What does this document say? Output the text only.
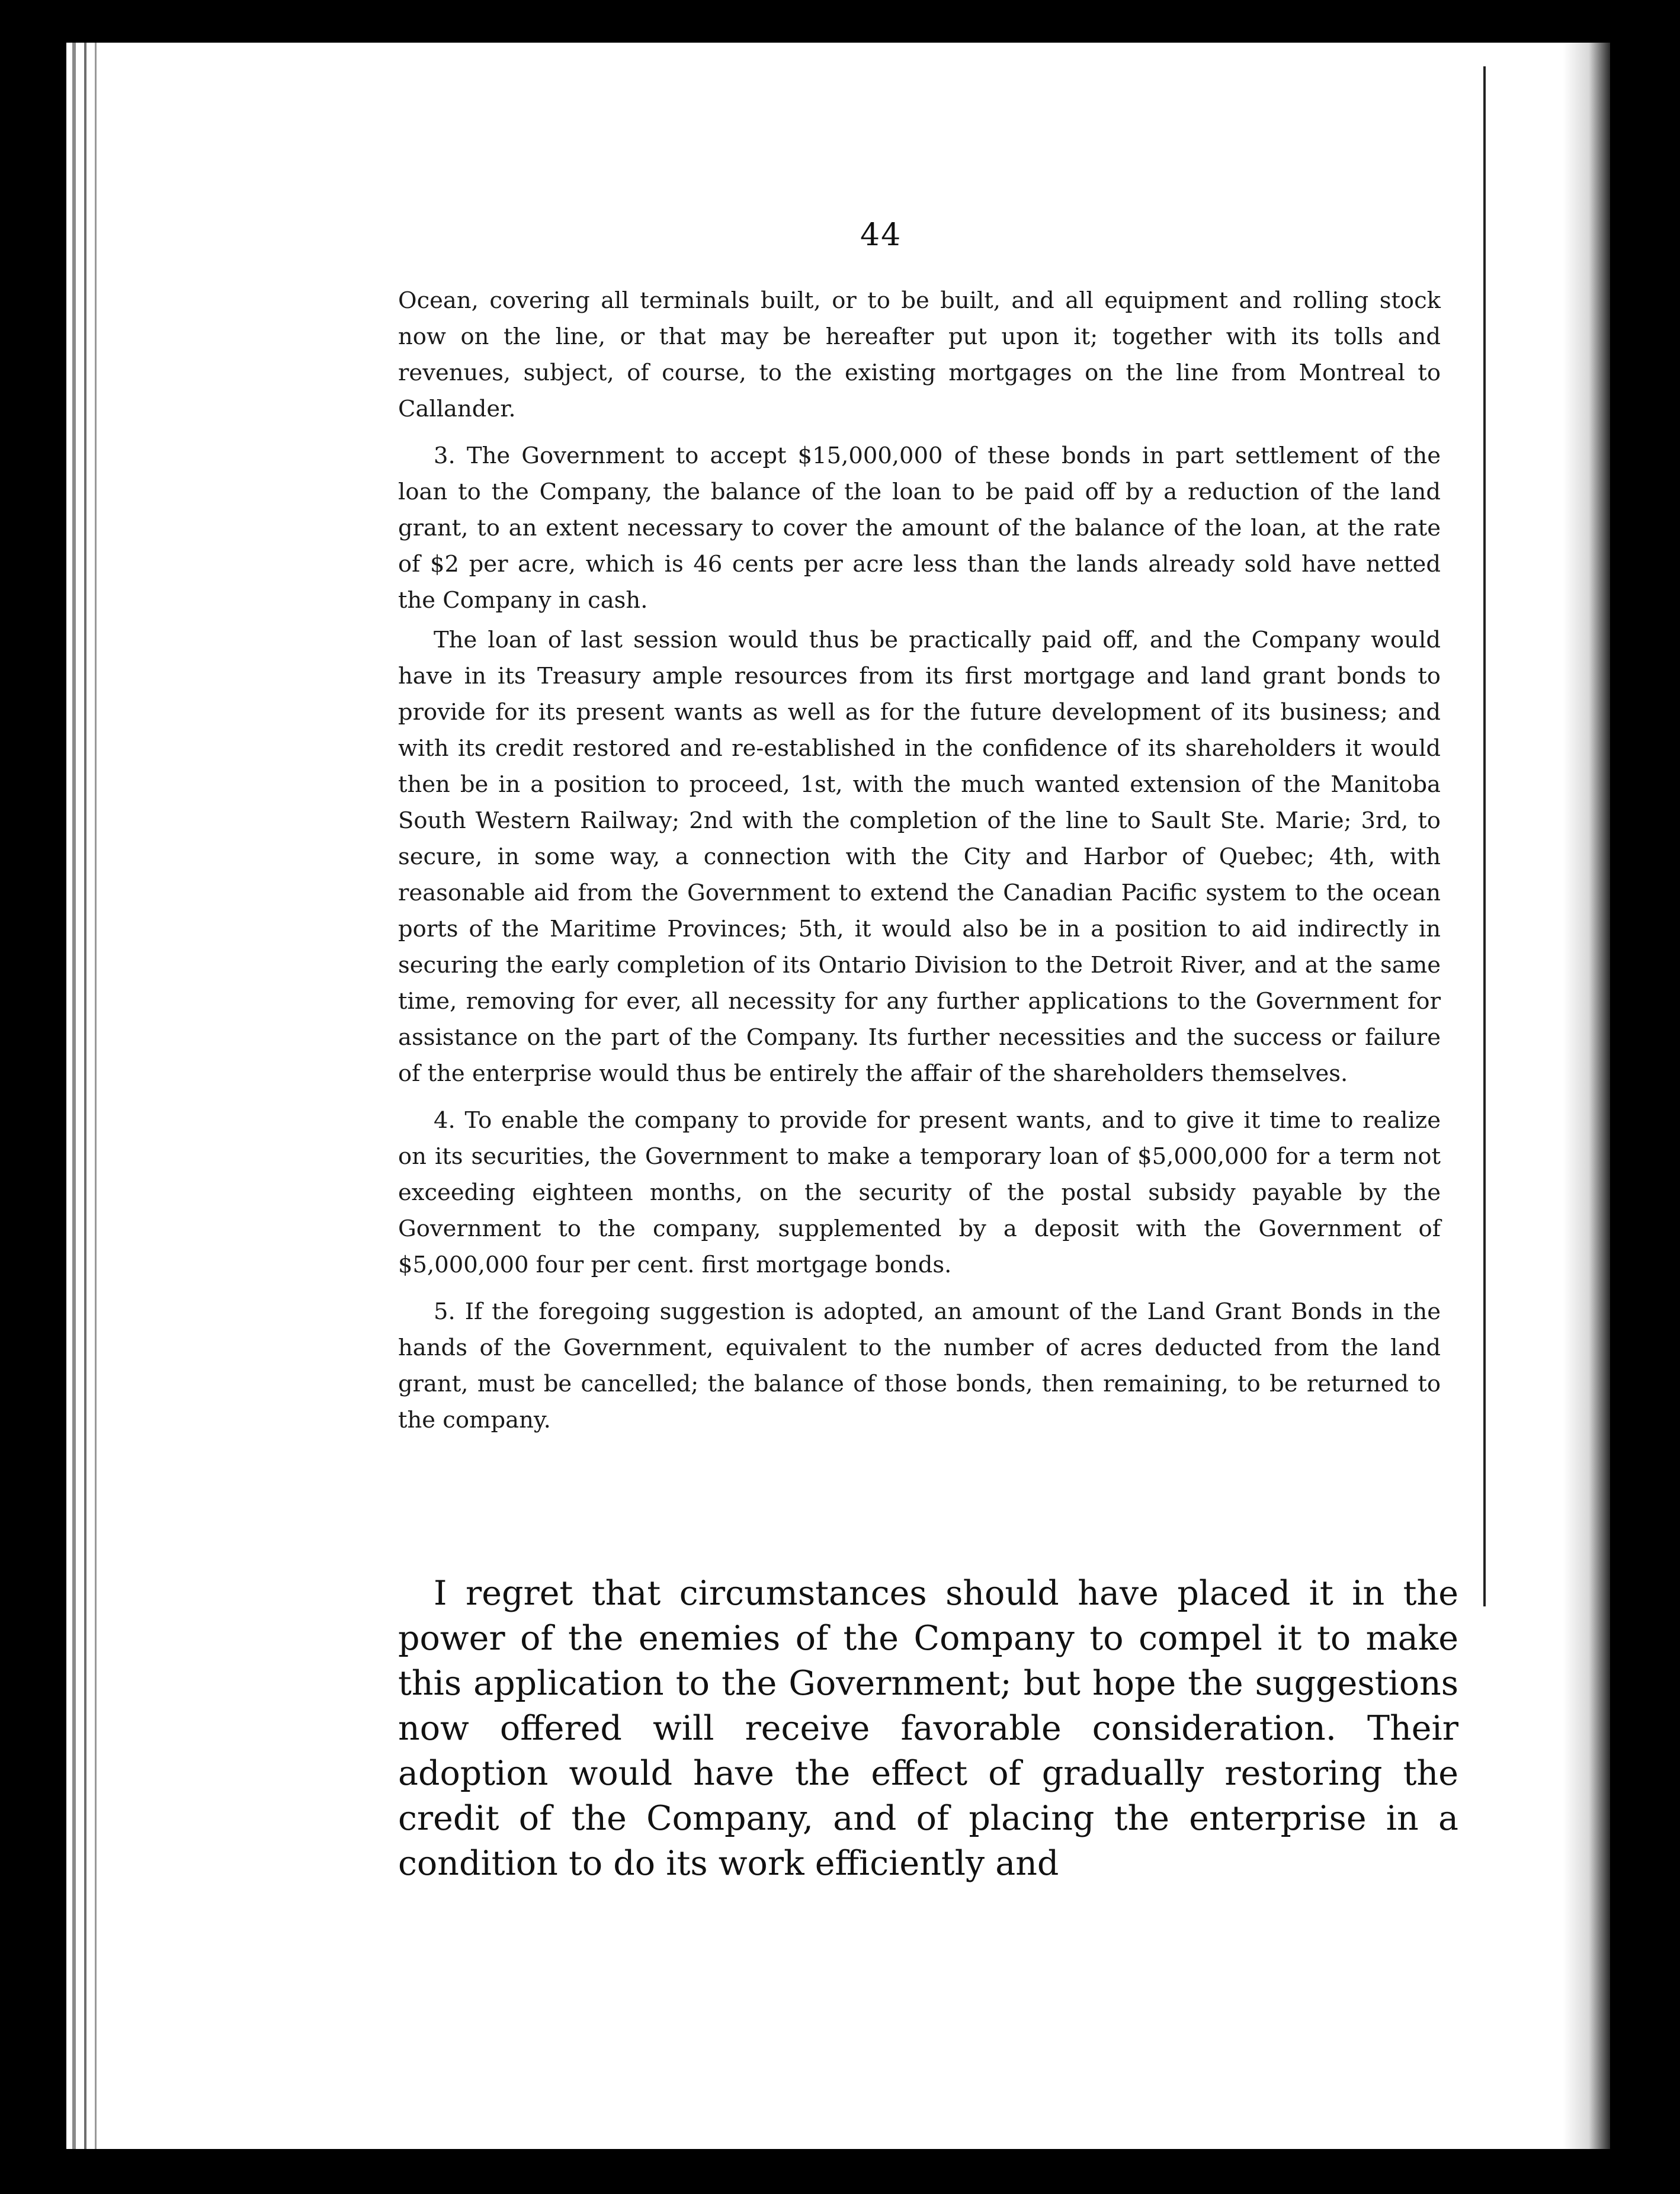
44

Ocean, covering all terminals built, or to be built, and all equipment and rolling stock now on the line, or that may be hereafter put upon it; together with its tolls and revenues, subject, of course, to the existing mortgages on the line from Montreal to Callander.

3. The Government to accept $15,000,000 of these bonds in part settlement of the loan to the Company, the balance of the loan to be paid off by a reduction of the land grant, to an extent necessary to cover the amount of the balance of the loan, at the rate of $2 per acre, which is 46 cents per acre less than the lands already sold have netted the Company in cash.

The loan of last session would thus be practically paid off, and the Company would have in its Treasury ample resources from its first mortgage and land grant bonds to provide for its present wants as well as for the future development of its business; and with its credit restored and re-established in the confidence of its shareholders it would then be in a position to proceed, 1st, with the much wanted extension of the Manitoba South Western Railway; 2nd with the completion of the line to Sault Ste. Marie; 3rd, to secure, in some way, a connection with the City and Harbor of Quebec; 4th, with reasonable aid from the Government to extend the Canadian Pacific system to the ocean ports of the Maritime Provinces; 5th, it would also be in a position to aid indirectly in securing the early completion of its Ontario Division to the Detroit River, and at the same time, removing for ever, all necessity for any further applications to the Government for assistance on the part of the Company. Its further necessities and the success or failure of the enterprise would thus be entirely the affair of the shareholders themselves.

4. To enable the company to provide for present wants, and to give it time to realize on its securities, the Government to make a temporary loan of $5,000,000 for a term not exceeding eighteen months, on the security of the postal subsidy payable by the Government to the company, supplemented by a deposit with the Government of $5,000,000 four per cent. first mortgage bonds.

5. If the foregoing suggestion is adopted, an amount of the Land Grant Bonds in the hands of the Government, equivalent to the number of acres deducted from the land grant, must be cancelled; the balance of those bonds, then remaining, to be returned to the company.

I regret that circumstances should have placed it in the power of the enemies of the Company to compel it to make this application to the Government; but hope the suggestions now offered will receive favorable consideration. Their adoption would have the effect of gradually restoring the credit of the Company, and of placing the enterprise in a condition to do its work efficiently and
